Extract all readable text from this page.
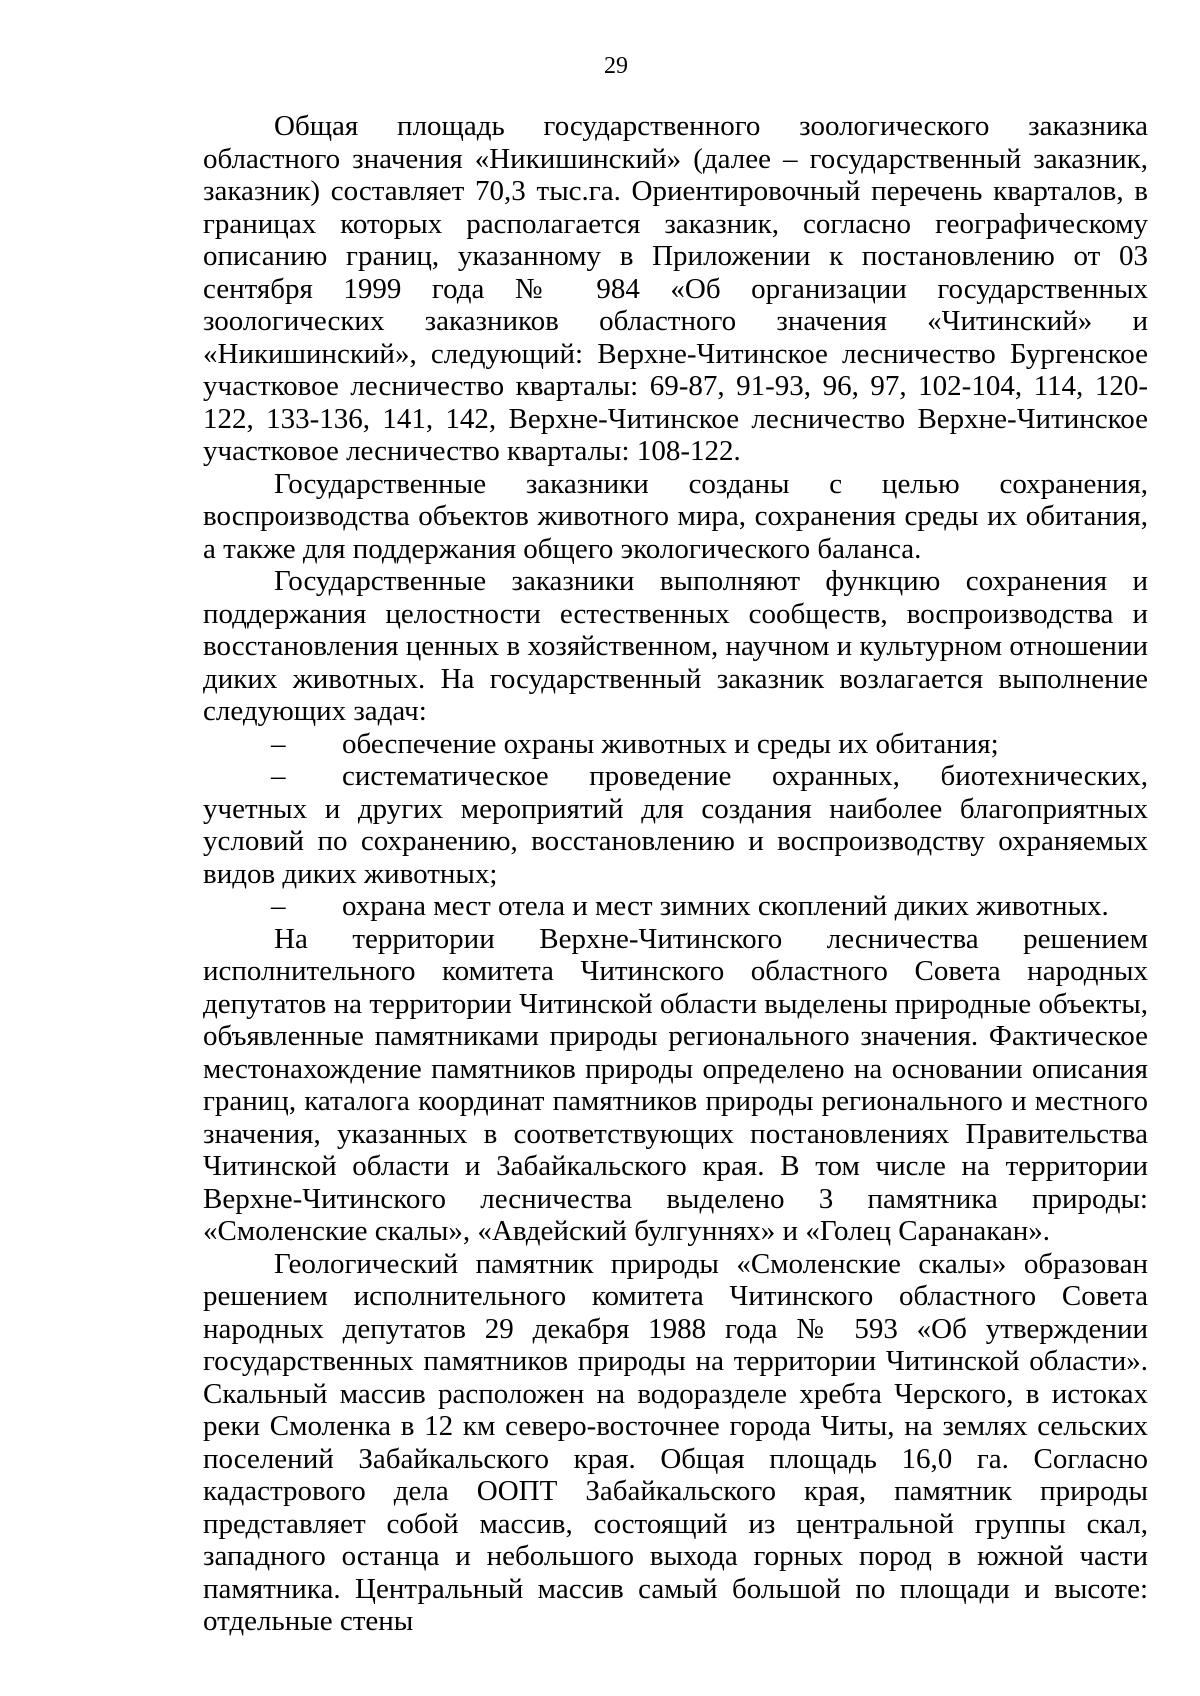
29

Общая площадь государственного зоологического заказника областного значения «Никишинский» (далее – государственный заказник, заказник) составляет 70,3 тыс.га. Ориентировочный перечень кварталов, в границах которых располагается заказник, согласно географическому описанию границ, указанному в Приложении к постановлению от 03 сентября 1999 года № 984 «Об организации государственных зоологических заказников областного значения «Читинский» и «Никишинский», следующий: Верхне-Читинское лесничество Бургенское участковое лесничество кварталы: 69-87, 91-93, 96, 97, 102-104, 114, 120-122, 133-136, 141, 142, Верхне-Читинское лесничество Верхне-Читинское участковое лесничество кварталы: 108-122.

Государственные заказники созданы с целью сохранения, воспроизводства объектов животного мира, сохранения среды их обитания, а также для поддержания общего экологического баланса.

Государственные заказники выполняют функцию сохранения и поддержания целостности естественных сообществ, воспроизводства и восстановления ценных в хозяйственном, научном и культурном отношении диких животных. На государственный заказник возлагается выполнение следующих задач:

– обеспечение охраны животных и среды их обитания;

– систематическое проведение охранных, биотехнических, учетных и других мероприятий для создания наиболее благоприятных условий по сохранению, восстановлению и воспроизводству охраняемых видов диких животных;

– охрана мест отела и мест зимних скоплений диких животных.

На территории Верхне-Читинского лесничества решением исполнительного комитета Читинского областного Совета народных депутатов на территории Читинской области выделены природные объекты, объявленные памятниками природы регионального значения. Фактическое местонахождение памятников природы определено на основании описания границ, каталога координат памятников природы регионального и местного значения, указанных в соответствующих постановлениях Правительства Читинской области и Забайкальского края. В том числе на территории Верхне-Читинского лесничества выделено 3 памятника природы: «Смоленские скалы», «Авдейский булгуннях» и «Голец Саранакан».

Геологический памятник природы «Смоленские скалы» образован решением исполнительного комитета Читинского областного Совета народных депутатов 29 декабря 1988 года № 593 «Об утверждении государственных памятников природы на территории Читинской области». Скальный массив расположен на водоразделе хребта Черского, в истоках реки Смоленка в 12 км северо-восточнее города Читы, на землях сельских поселений Забайкальского края. Общая площадь 16,0 га. Согласно кадастрового дела ООПТ Забайкальского края, памятник природы представляет собой массив, состоящий из центральной группы скал, западного останца и небольшого выхода горных пород в южной части памятника. Центральный массив самый большой по площади и высоте: отдельные стены
